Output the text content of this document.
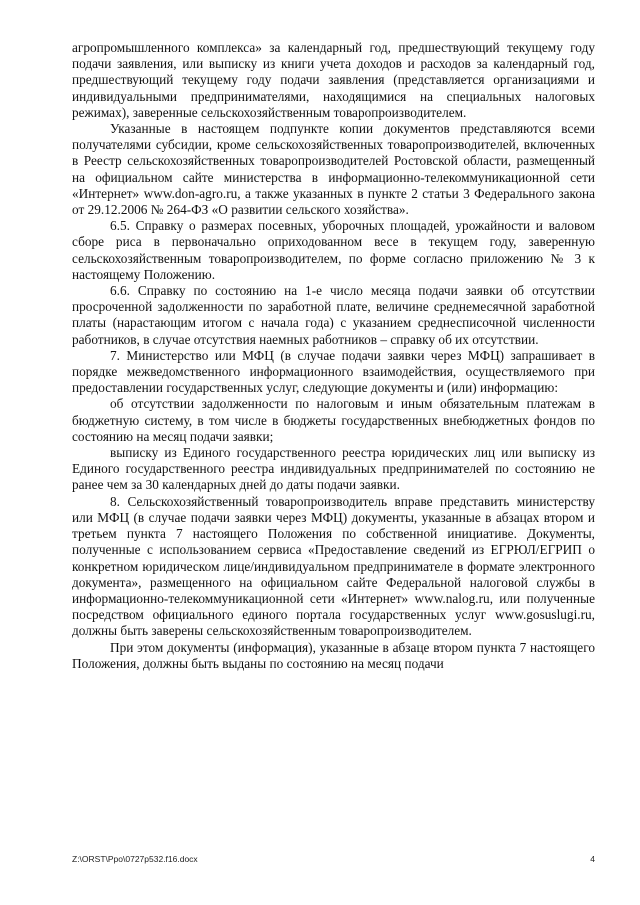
агропромышленного комплекса» за календарный год, предшествующий текущему году подачи заявления, или выписку из книги учета доходов и расходов за календарный год, предшествующий текущему году подачи заявления (представляется организациями и индивидуальными предпринимателями, находящимися на специальных налоговых режимах), заверенные сельскохозяйственным товаропроизводителем.

Указанные в настоящем подпункте копии документов представляются всеми получателями субсидии, кроме сельскохозяйственных товаропроизводителей, включенных в Реестр сельскохозяйственных товаропроизводителей Ростовской области, размещенный на официальном сайте министерства в информационно-телекоммуникационной сети «Интернет» www.don-agro.ru, а также указанных в пункте 2 статьи 3 Федерального закона от 29.12.2006 № 264-ФЗ «О развитии сельского хозяйства».

6.5. Справку о размерах посевных, уборочных площадей, урожайности и валовом сборе риса в первоначально оприходованном весе в текущем году, заверенную сельскохозяйственным товаропроизводителем, по форме согласно приложению № 3 к настоящему Положению.

6.6. Справку по состоянию на 1-е число месяца подачи заявки об отсутствии просроченной задолженности по заработной плате, величине среднемесячной заработной платы (нарастающим итогом с начала года) с указанием среднесписочной численности работников, в случае отсутствия наемных работников – справку об их отсутствии.

7. Министерство или МФЦ (в случае подачи заявки через МФЦ) запрашивает в порядке межведомственного информационного взаимодействия, осуществляемого при предоставлении государственных услуг, следующие документы и (или) информацию:

об отсутствии задолженности по налоговым и иным обязательным платежам в бюджетную систему, в том числе в бюджеты государственных внебюджетных фондов по состоянию на месяц подачи заявки;

выписку из Единого государственного реестра юридических лиц или выписку из Единого государственного реестра индивидуальных предпринимателей по состоянию не ранее чем за 30 календарных дней до даты подачи заявки.

8. Сельскохозяйственный товаропроизводитель вправе представить министерству или МФЦ (в случае подачи заявки через МФЦ) документы, указанные в абзацах втором и третьем пункта 7 настоящего Положения по собственной инициативе. Документы, полученные с использованием сервиса «Предоставление сведений из ЕГРЮЛ/ЕГРИП о конкретном юридическом лице/индивидуальном предпринимателе в формате электронного документа», размещенного на официальном сайте Федеральной налоговой службы в информационно-телекоммуникационной сети «Интернет» www.nalog.ru, или полученные посредством официального единого портала государственных услуг www.gosuslugi.ru, должны быть заверены сельскохозяйственным товаропроизводителем.

При этом документы (информация), указанные в абзаце втором пункта 7 настоящего Положения, должны быть выданы по состоянию на месяц подачи

Z:\ORST\Ppo\0727p532.f16.docx	4
